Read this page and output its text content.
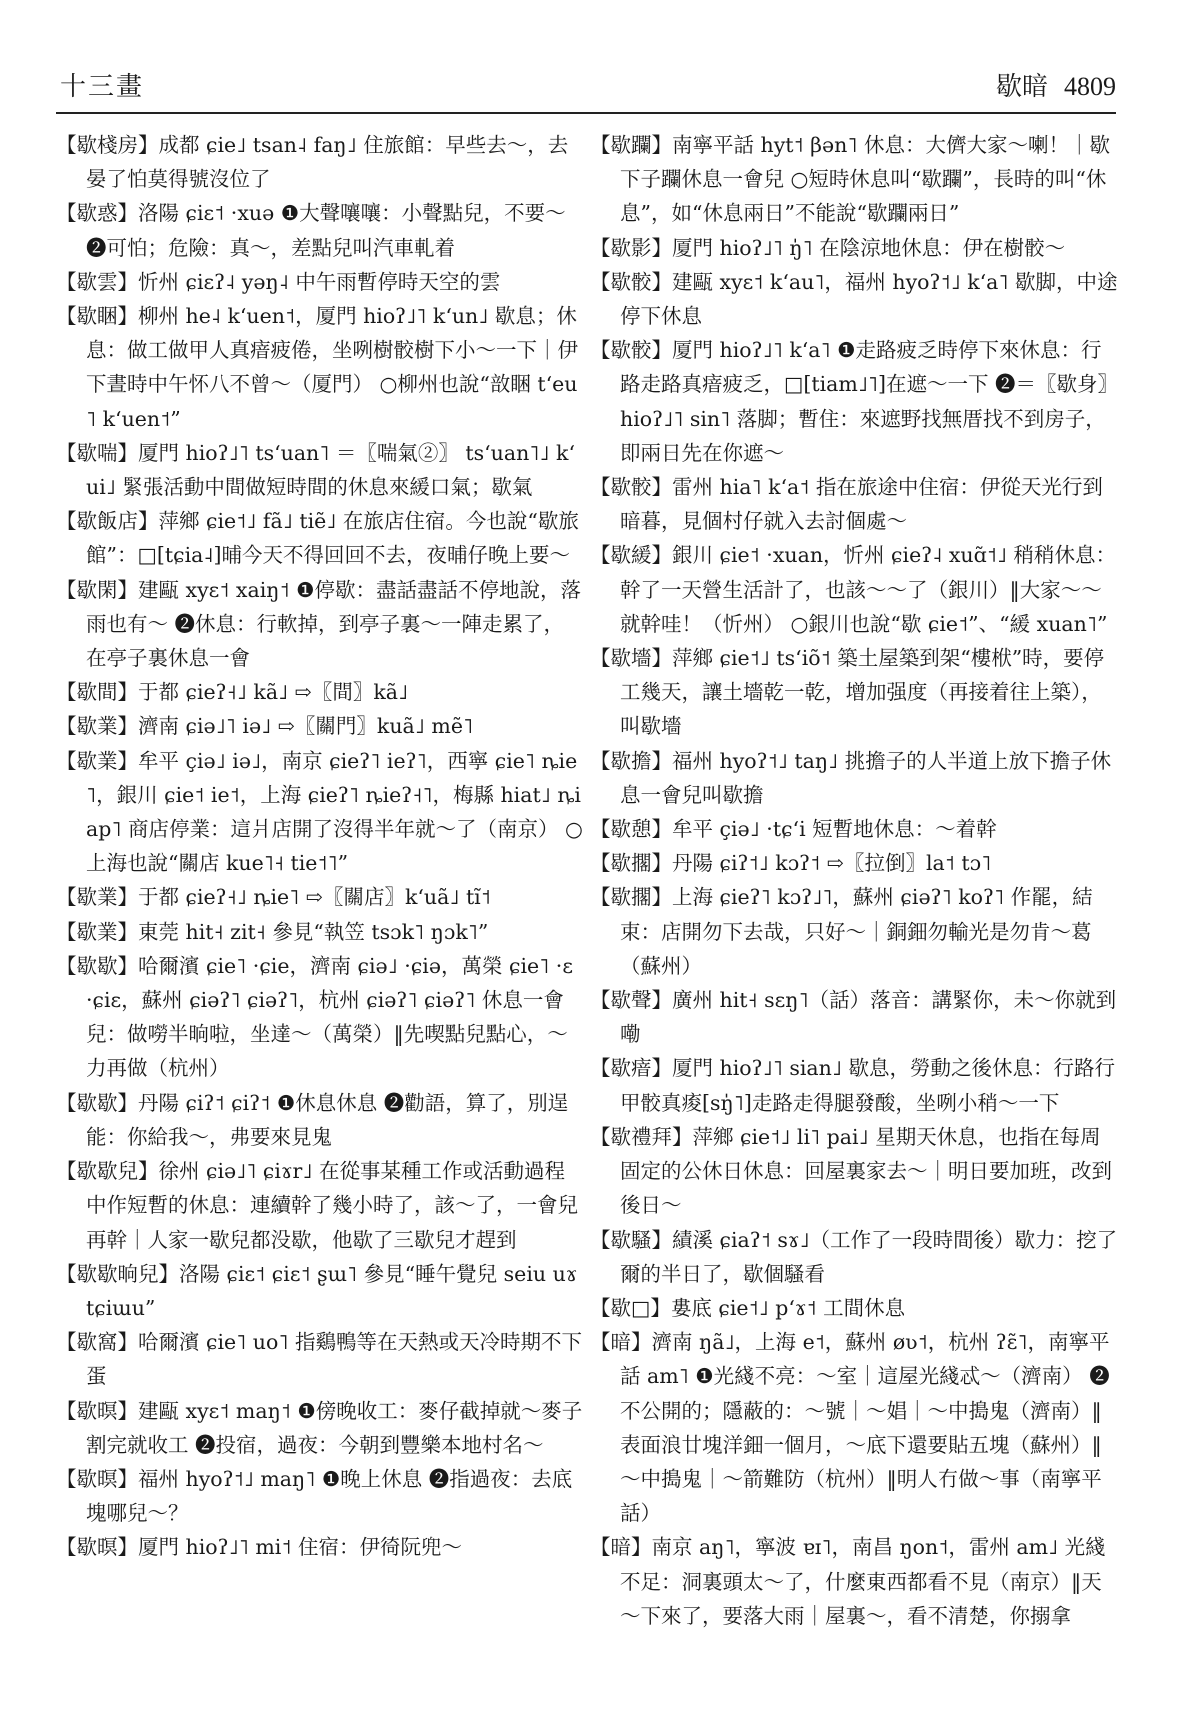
十三畫	歇暗 4809

【歇棧房】成都 ɕie˩ tsan˨ faŋ˩ 住旅館：早些去～，去晏了怕莫得號沒位了

【歇惑】洛陽 ɕiɛ˦ ·xuə ❶大聲嚷嚷：小聲點兒，不要～ ❷可怕；危險：真～，差點兒叫汽車軋着

【歇雲】忻州 ɕiɛʔ˨ yəŋ˨ 中午雨暫停時天空的雲

【歇睏】柳州 he˨ kʻuen˦，厦門 hioʔ˩˥ kʻun˩ 歇息；休息：做工做甲人真瘖疲倦，坐咧樹骹樹下小～一下｜伊下晝時中午怀八不曾～（厦門） ○柳州也說“敨睏 tʻeu˥ kʻuen˦”

【歇喘】厦門 hioʔ˩˥ tsʻuan˥ ＝〖喘氣②〗 tsʻuan˥˩ kʻui˩ 緊張活動中間做短時間的休息來緩口氣；歇氣

【歇飯店】萍鄉 ɕie˦˩ fã˩ tiẽ˩ 在旅店住宿。今也說“歇旅館”：□[tɕia˨]晡今天不得回回不去，夜晡仔晚上要～

【歇閑】建甌 xyɛ˦ xaiŋ˦ ❶停歇：盡話盡話不停地說，落雨也有～ ❷休息：行軟掉，到亭子裏～一陣走累了，在亭子裏休息一會

【歇間】于都 ɕieʔ˧˩ kã˩ ⇨〖間〗kã˩

【歇業】濟南 ɕiə˩˥ iə˩ ⇨〖關門〗kuã˩ mẽ˥

【歇業】牟平 çiə˩ iə˩，南京 ɕieʔ˥ ieʔ˥，西寧 ɕie˥ ȵie˥，銀川 ɕie˦ ie˦，上海 ɕieʔ˥ ȵieʔ˧˥，梅縣 hiat˩ ȵiap˥ 商店停業：這爿店開了沒得半年就～了（南京） ○上海也說“關店 kue˥˧ tie˦˥”

【歇業】于都 ɕieʔ˧˩ ȵie˥ ⇨〖關店〗kʻuã˩ tĩ˦

【歇業】東莞 hit˧ zit˧ 參見“執笠 tsɔk˥ ŋɔk˥”

【歇歇】哈爾濱 ɕie˥ ·ɕie，濟南 ɕiə˩ ·ɕiə，萬榮 ɕie˥ ·ɛ ·ɕiɛ，蘇州 ɕiəʔ˥ ɕiəʔ˥，杭州 ɕiəʔ˥ ɕiəʔ˥ 休息一會兒：做嘮半晌啦，坐達～（萬榮）‖先喫點兒點心，～力再做（杭州）

【歇歇】丹陽 ɕiʔ˦ ɕiʔ˦ ❶休息休息 ❷勸語，算了，別逞能：你給我～，弗要來見鬼

【歇歇兒】徐州 ɕiə˩˥ ɕiɤr˩ 在從事某種工作或活動過程中作短暫的休息：連續幹了幾小時了，該～了，一會兒再幹｜人家一歇兒都没歇，他歇了三歇兒才趕到

【歇歇晌兒】洛陽 ɕiɛ˦ ɕiɛ˦ ʂɯ˥ 參見“睡午覺兒 seiu uɤ tɕiɯu”

【歇窩】哈爾濱 ɕie˥ uo˥ 指鷄鴨等在天熱或天冷時期不下蛋

【歇暝】建甌 xyɛ˦ maŋ˦ ❶傍晚收工：麥仔截掉就～麥子割完就收工 ❷投宿，過夜：今朝到豐樂本地村名～

【歇暝】福州 hyoʔ˦˩ maŋ˥ ❶晚上休息 ❷指過夜：去底塊哪兒～？

【歇暝】厦門 hioʔ˩˥ mi˦ 住宿：伊徛阮兜～

【歇躝】南寧平話 hyt˦ βən˥ 休息：大儕大家～喇！｜歇下子躝休息一會兒 ○短時休息叫“歇躝”，長時的叫“休息”，如“休息兩日”不能說“歇躝兩日”

【歇影】厦門 hioʔ˩˥ ŋ̍˥ 在陰涼地休息：伊在樹骹～

【歇骹】建甌 xyɛ˦ kʻau˥，福州 hyoʔ˦˩ kʻa˥ 歇脚，中途停下休息

【歇骹】厦門 hioʔ˩˥ kʻa˥ ❶走路疲乏時停下來休息：行路走路真瘖疲乏，□[tiam˩˥]在遮～一下 ❷＝〖歇身〗hioʔ˩˥ sin˥ 落脚；暫住：來遮野找無厝找不到房子，即兩日先在你遮～

【歇骹】雷州 hia˥ kʻa˦ 指在旅途中住宿：伊從天光行到暗暮，見個村仔就入去討個處～

【歇緩】銀川 ɕie˦ ·xuan，忻州 ɕieʔ˨ xuɑ̃˦˩ 稍稍休息：幹了一天營生活計了，也該～～了（銀川）‖大家～～就幹哇！（忻州） ○銀川也說“歇 ɕie˦”、“緩 xuan˥”

【歇墻】萍鄉 ɕie˦˩ tsʻiõ˦ 築土屋築到架“樓栿”時，要停工幾天，讓土墻乾一乾，增加强度（再接着往上築），叫歇墻

【歇擔】福州 hyoʔ˦˩ taŋ˩ 挑擔子的人半道上放下擔子休息一會兒叫歇擔

【歇憩】牟平 çiə˩ ·tɕʻi 短暫地休息：～着幹

【歇擱】丹陽 ɕiʔ˦˩ kɔʔ˦ ⇨〖拉倒〗la˦ tɔ˥

【歇擱】上海 ɕieʔ˥ kɔʔ˩˥，蘇州 ɕiəʔ˥ koʔ˥ 作罷，結束：店開勿下去哉，只好～｜銅鈿勿輸光是勿肯～葛（蘇州）

【歇聲】廣州 hit˧ sɛŋ˥（話）落音：講緊你，未～你就到嘞

【歇瘖】厦門 hioʔ˩˥ sian˩ 歇息，勞動之後休息：行路行甲骹真痠[sŋ̍˥]走路走得腿發酸，坐咧小稍～一下

【歇禮拜】萍鄉 ɕie˦˩ li˥ pai˩ 星期天休息，也指在每周固定的公休日休息：回屋裏家去～｜明日要加班，改到後日～

【歇騷】績溪 ɕiaʔ˦ sɤ˩（工作了一段時間後）歇力：挖了爾的半日了，歇個騷看

【歇□】婁底 ɕie˦˩ pʻɤ˦ 工間休息

【暗】濟南 ŋã˩，上海 e˦，蘇州 øʋ˦，杭州 ʔɛ̃˥，南寧平話 am˥ ❶光綫不亮：～室｜這屋光綫忒～（濟南） ❷不公開的；隱蔽的：～號｜～娼｜～中搗鬼（濟南）‖表面浪廿塊洋鈿一個月，～底下還要貼五塊（蘇州）‖～中搗鬼｜～箭難防（杭州）‖明人冇做～事（南寧平話）

【暗】南京 aŋ˥，寧波 ɐɪ˥，南昌 ŋon˦，雷州 am˩ 光綫不足：洞裏頭太～了，什麼東西都看不見（南京）‖天～下來了，要落大雨｜屋裏～，看不清楚，你搦拿
